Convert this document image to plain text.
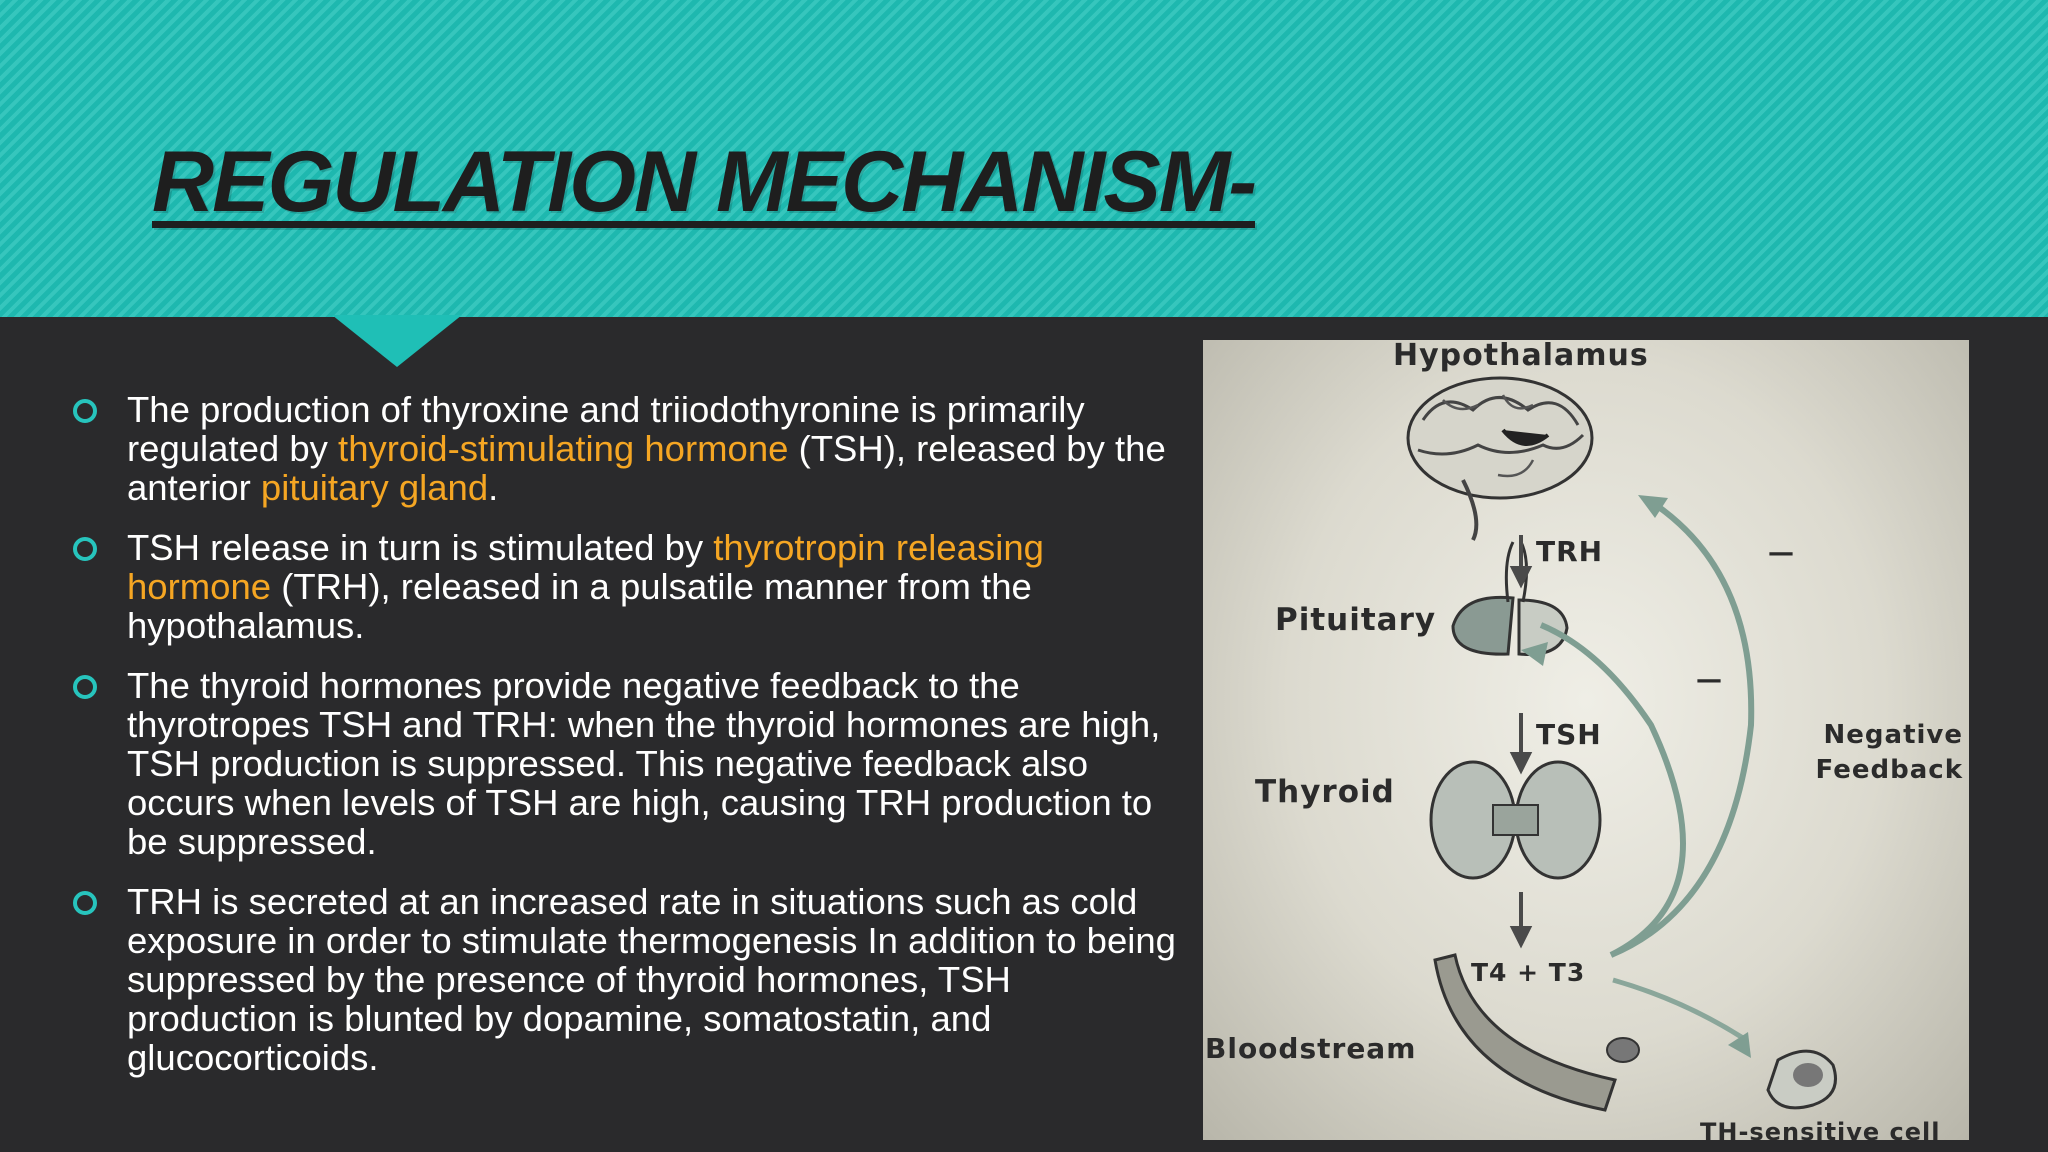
REGULATION MECHANISM-
The production of thyroxine and triiodothyronine is primarily regulated by thyroid-stimulating hormone (TSH), released by the anterior pituitary gland.
TSH release in turn is stimulated by thyrotropin releasing hormone (TRH), released in a pulsatile manner from the hypothalamus.
The thyroid hormones provide negative feedback to the thyrotropes TSH and TRH: when the thyroid hormones are high, TSH production is suppressed. This negative feedback also occurs when levels of TSH are high, causing TRH production to be suppressed.
TRH is secreted at an increased rate in situations such as cold exposure in order to stimulate thermogenesis In addition to being suppressed by the presence of thyroid hormones, TSH production is blunted by dopamine, somatostatin, and glucocorticoids.
Hypothalamus
TRH
Pituitary
TSH
Thyroid
T4 + T3
Bloodstream
Negative Feedback
—
—
TH-sensitive cell
